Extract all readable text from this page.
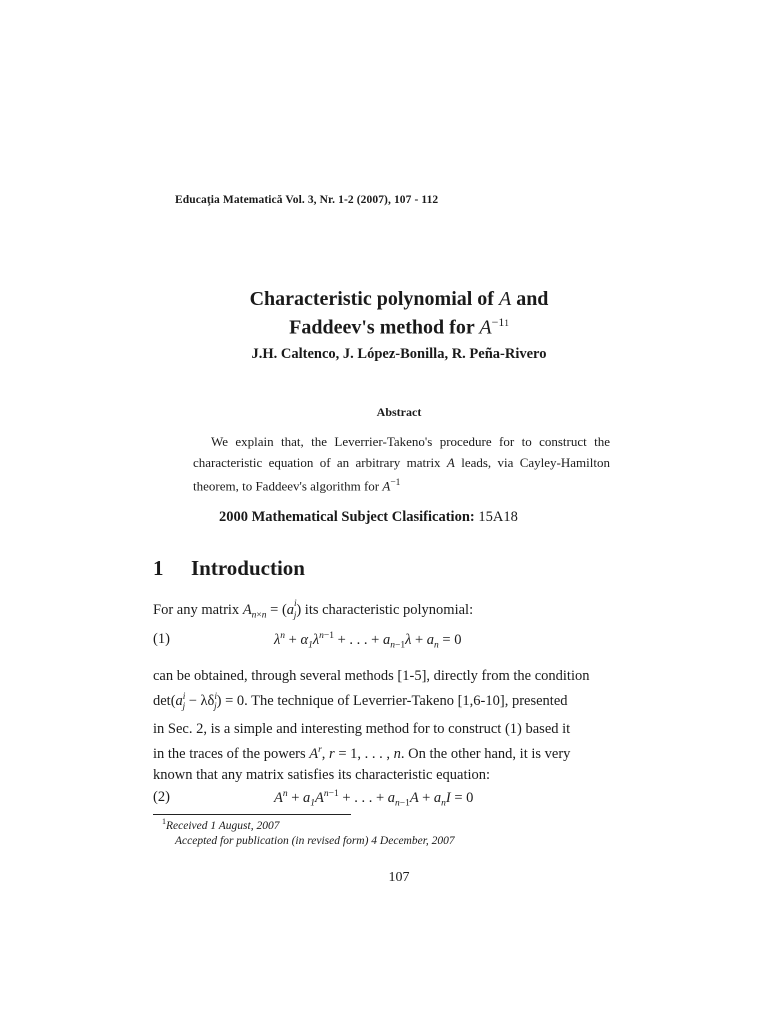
Educaţia Matematică Vol. 3, Nr. 1-2 (2007), 107 - 112
Characteristic polynomial of A and
Faddeev's method for $A^{-11}$
J.H. Caltenco, J. López-Bonilla, R. Peña-Rivero
Abstract
We explain that, the Leverrier-Takeno's procedure for to construct the characteristic equation of an arbitrary matrix A leads, via Cayley-Hamilton theorem, to Faddeev's algorithm for $A^{-1}$
2000 Mathematical Subject Clasification: 15A18
1 Introduction
For any matrix $A_{n\times n} = (a^i_j)$ its characteristic polynomial:
(1)	$\lambda^n + \alpha_1\lambda^{n-1}$ + . . . + $a_{n-1}\lambda + a_n = 0$
can be obtained, through several methods [1-5], directly from the condition
$\det(a^i_j - \lambda\delta^i_j) = 0$. The technique of Leverrier-Takeno [1,6-10], presented
in Sec. 2, is a simple and interesting method for to construct (1) based it
in the traces of the powers $A^r$, r = 1, . . . , n. On the other hand, it is very
known that any matrix satisfies its characteristic equation:
(2)	$A^n + a_1A^{n-1}$ + . . . + $a_{n-1}A + a_nI = 0$
$^1$Received 1 August, 2007
Accepted for publication (in revised form) 4 December, 2007
107
